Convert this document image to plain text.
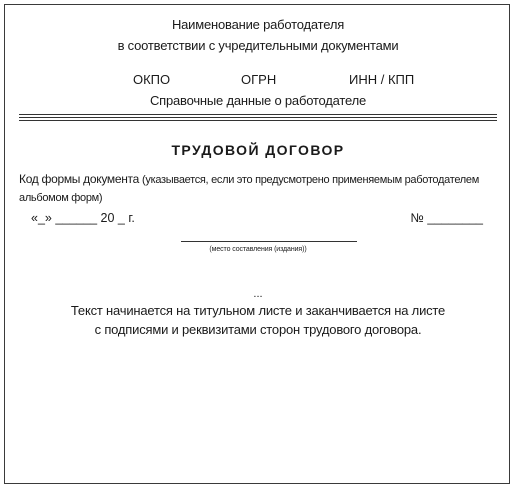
Наименование работодателя
в соответствии с учредительными документами
ОКПО	ОГРН	ИНН / КПП
Справочные данные о работодателе
ТРУДОВОЙ ДОГОВОР
Код формы документа (указывается, если это предусмотрено применяемым работодателем
альбомом форм)
«_» ______ 20 _ г.	№ ________
(место составления (издания))
...
Текст начинается на титульном листе и заканчивается на листе
с подписями и реквизитами сторон трудового договора.
